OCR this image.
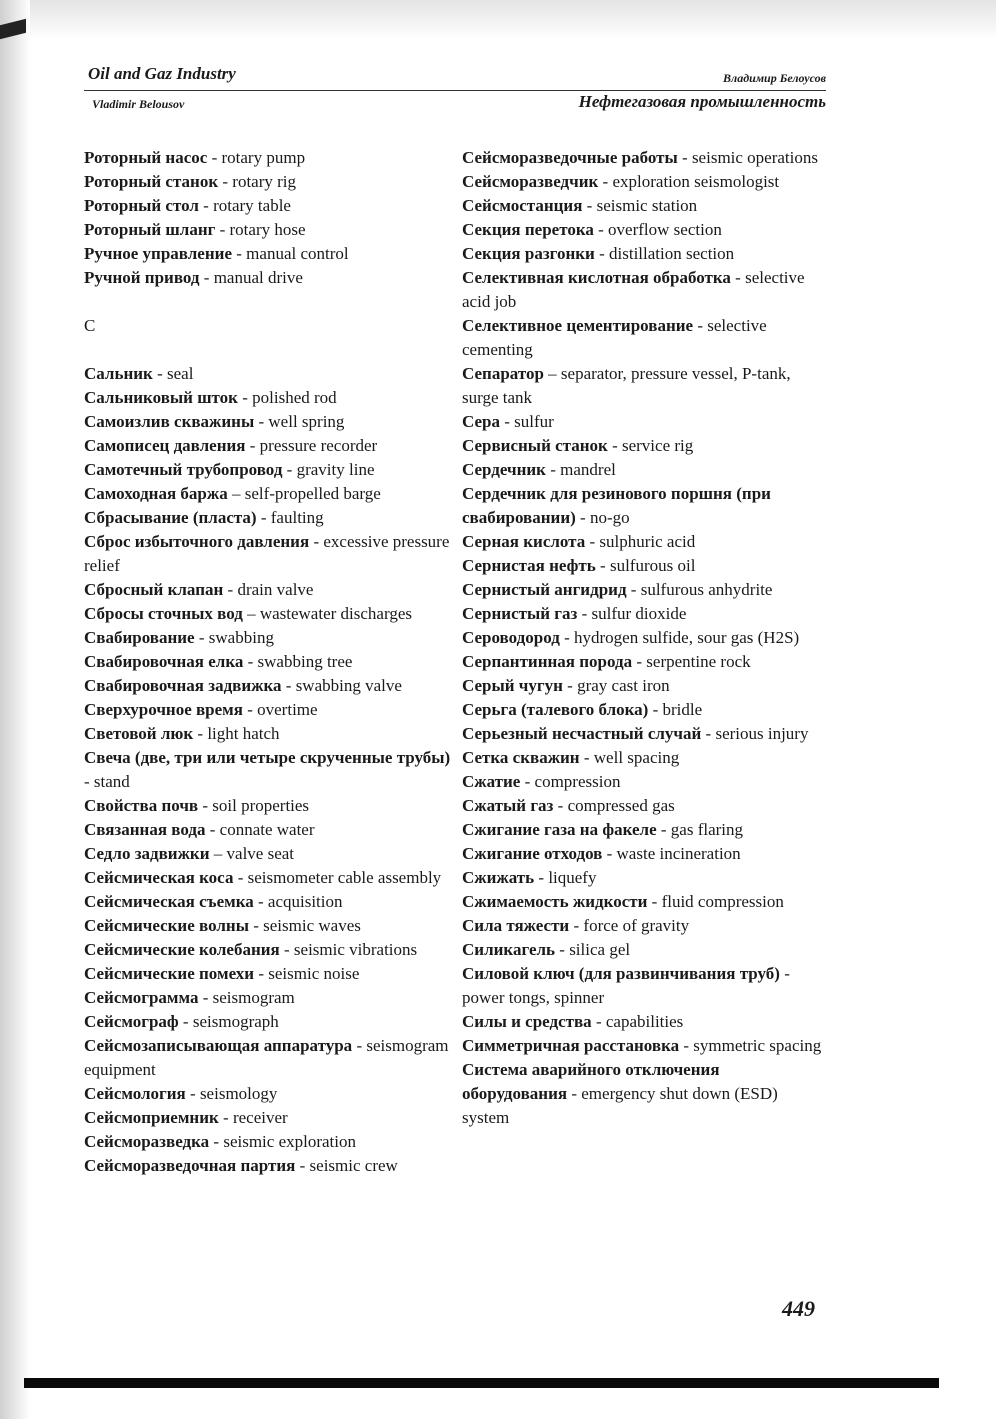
Oil and Gaz Industry	Владимир Белоусов
Vladimir Belousov	Нефтегазовая промышленность

Роторный насос - rotary pump

Роторный станок - rotary rig

Роторный стол - rotary table

Роторный шланг - rotary hose

Ручное управление - manual control

Ручной привод - manual drive

С

Сальник - seal

Сальниковый шток - polished rod

Самоизлив скважины - well spring

Самописец давления - pressure recorder

Самотечный трубопровод - gravity line

Самоходная баржа – self-propelled barge

Сбрасывание (пласта) - faulting

Сброс избыточного давления - excessive pressure relief

Сбросный клапан - drain valve

Сбросы сточных вод – wastewater discharges

Свабирование - swabbing

Свабировочная елка - swabbing tree

Свабировочная задвижка - swabbing valve

Сверхурочное время - overtime

Световой люк - light hatch

Свеча (две, три или четыре скрученные трубы) - stand

Свойства почв - soil properties

Связанная вода - connate water

Седло задвижки – valve seat

Сейсмическая коса - seismometer cable assembly

Сейсмическая съемка - acquisition

Сейсмические волны - seismic waves

Сейсмические колебания - seismic vibrations

Сейсмические помехи - seismic noise

Сейсмограмма - seismogram

Сейсмограф - seismograph

Сейсмозаписывающая аппаратура - seismogram equipment

Сейсмология - seismology

Сейсмоприемник - receiver

Сейсморазведка - seismic exploration

Сейсморазведочная партия - seismic crew

Сейсморазведочные работы - seismic operations

Сейсморазведчик - exploration seismologist

Сейсмостанция - seismic station

Секция перетока - overflow section

Секция разгонки - distillation section

Селективная кислотная обработка - selective acid job

Селективное цементирование - selective cementing

Сепаратор – separator, pressure vessel, P-tank, surge tank

Сера - sulfur

Сервисный станок - service rig

Сердечник - mandrel

Сердечник для резинового поршня (при свабировании) - no-go

Серная кислота - sulphuric acid

Сернистая нефть - sulfurous oil

Сернистый ангидрид - sulfurous anhydrite

Сернистый газ - sulfur dioxide

Сероводород - hydrogen sulfide, sour gas (H2S)

Серпантинная порода - serpentine rock

Серый чугун - gray cast iron

Серьга (талевого блока) - bridle

Серьезный несчастный случай - serious injury

Сетка скважин - well spacing

Сжатие - compression

Сжатый газ - compressed gas

Сжигание газа на факеле - gas flaring

Сжигание отходов - waste incineration

Сжижать - liquefy

Сжимаемость жидкости - fluid compression

Сила тяжести - force of gravity

Силикагель - silica gel

Силовой ключ (для развинчивания труб) - power tongs, spinner

Силы и средства - capabilities

Симметричная расстановка - symmetric spacing

Система аварийного отключения оборудования - emergency shut down (ESD) system

449
